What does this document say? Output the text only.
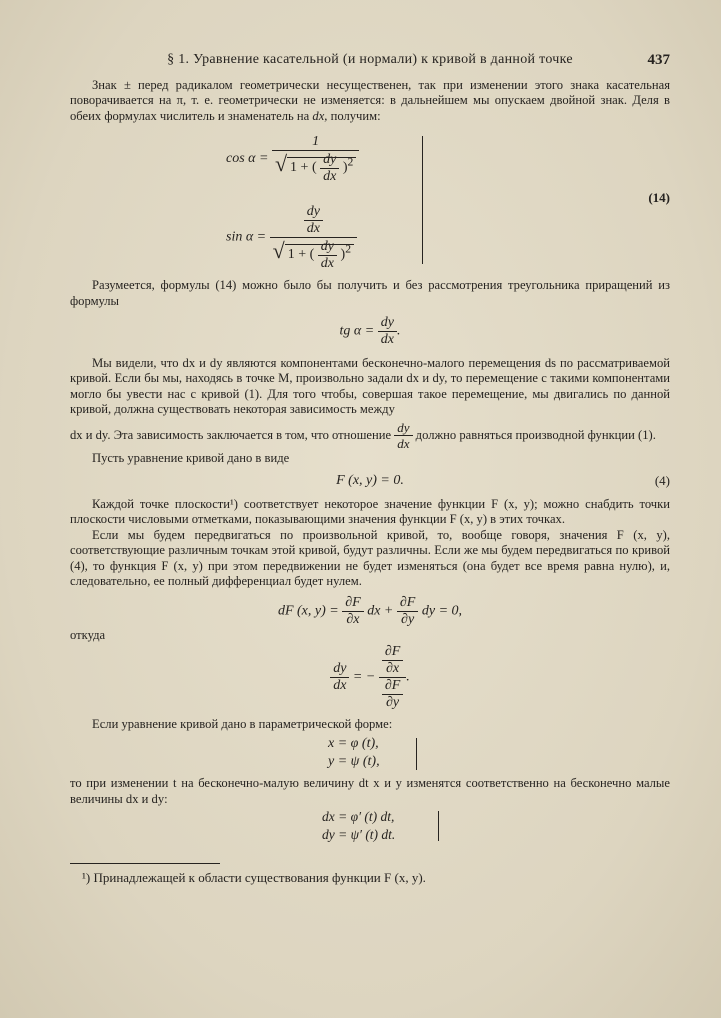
§ 1. Уравнение касательной (и нормали) к кривой в данной точке	437

Знак ± перед радикалом геометрически несущественен, так при изменении этого знака касательная поворачивается на π, т. е. геометрически не изменяется: в дальнейшем мы опускаем двойной знак. Деля в обеих формулах числитель и знаменатель на dx, получим:

$\cos \alpha = \frac{1}{√ 1 + ( \frac{dy}{dx} )^2}$
$\sin \alpha = \frac{\frac{dy}{dx}}{√ 1 + ( \frac{dy}{dx} )^2}$
(14)

Разумеется, формулы (14) можно было бы получить и без рассмотрения треугольника приращений из формулы

tg $\alpha = \frac{dy}{dx}$ .

Мы видели, что dx и dy являются компонентами бесконечно-малого перемещения ds по рассматриваемой кривой. Если бы мы, находясь в точке M, произвольно задали dx и dy, то перемещение с такими компонентами могло бы увести нас с кривой (1). Для того чтобы, совершая такое перемещение, мы двигались по данной кривой, должна существовать некоторая зависимость между

dx и dy. Эта зависимость заключается в том, что отношение $\frac{dy}{dx}$ должно равняться производной функции (1).

Пусть уравнение кривой дано в виде

F (x, y) = 0.	(4)

Каждой точке плоскости¹) соответствует некоторое значение функции F (x, y); можно снабдить точки плоскости числовыми отметками, показывающими значения функции F (x, y) в этих точках.

Если мы будем передвигаться по произвольной кривой, то, вообще говоря, значения F (x, y), соответствующие различным точкам этой кривой, будут различны. Если же мы будем передвигаться по кривой (4), то функция F (x, y) при этом передвижении не будет изменяться (она будет все время равна нулю), и, следовательно, ее полный дифференциал будет нулем.

dF (x, $y) = \frac{\partial F}{\partial x}$ dx + $\frac{\partial F}{\partial y}$ dy = 0,

откуда

$\frac{dy}{dx}$ = − $\frac{\frac{\partial F}{\partial x}}{\frac{\partial F}{\partial y}}$ .

Если уравнение кривой дано в параметрической форме:

x = φ (t),
y = ψ (t),

то при изменении t на бесконечно-малую величину dt x и y изменятся соответственно на бесконечно малые величины dx и dy:

dx = φ′ (t) dt,
dy = ψ′ (t) dt.

¹) Принадлежащей к области существования функции F (x, y).
